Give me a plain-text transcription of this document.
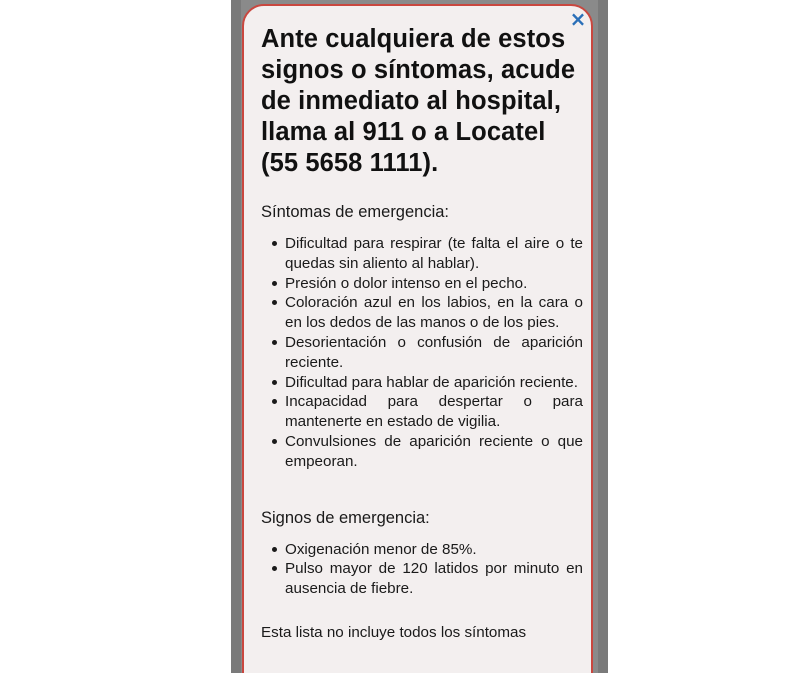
×
Ante cualquiera de estos signos o síntomas, acude de inmediato al hospital, llama al 911 o a Locatel (55 5658 1111).

Síntomas de emergencia:

Dificultad para respirar (te falta el aire o te quedas sin aliento al hablar).
Presión o dolor intenso en el pecho.
Coloración azul en los labios, en la cara o en los dedos de las manos o de los pies.
Desorientación o confusión de aparición reciente.
Dificultad para hablar de aparición reciente.
Incapacidad para despertar o para mantenerte en estado de vigilia.
Convulsiones de aparición reciente o que empeoran.

Signos de emergencia:

Oxigenación menor de 85%.
Pulso mayor de 120 latidos por minuto en ausencia de fiebre.

Esta lista no incluye todos los síntomas
